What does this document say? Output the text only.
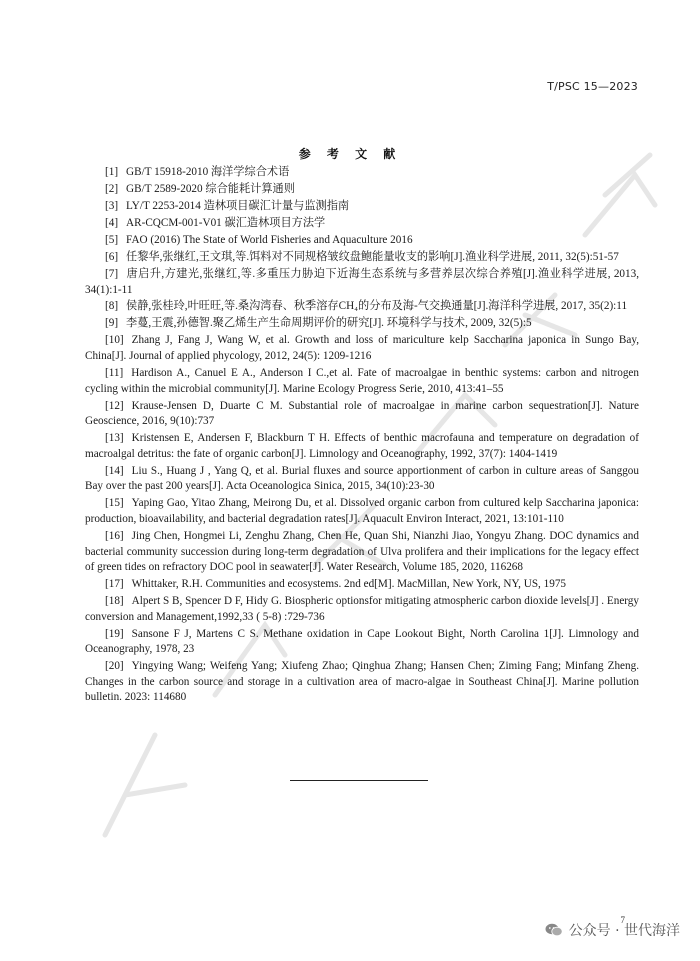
T/PSC 15—2023
参 考 文 献

[1] GB/T 15918-2010 海洋学综合术语

[2] GB/T 2589-2020 综合能耗计算通则

[3] LY/T 2253-2014 造林项目碳汇计量与监测指南

[4] AR-CQCM-001-V01 碳汇造林项目方法学

[5] FAO (2016) The State of World Fisheries and Aquaculture 2016

[6] 任黎华,张继红,王文琪,等.饵料对不同规格皱纹盘鲍能量收支的影响[J].渔业科学进展, 2011, 32(5):51-57

[7] 唐启升,方建光,张继红,等.多重压力胁迫下近海生态系统与多营养层次综合养殖[J].渔业科学进展, 2013, 34(1):1-11

[8] 侯静,张桂玲,叶旺旺,等.桑沟湾春、秋季溶存CH₄的分布及海-气交换通量[J].海洋科学进展, 2017, 35(2):11

[9] 李蔓,王震,孙德智.聚乙烯生产生命周期评价的研究[J]. 环境科学与技术, 2009, 32(5):5

[10] Zhang J, Fang J, Wang W, et al. Growth and loss of mariculture kelp Saccharina japonica in Sungo Bay, China[J]. Journal of applied phycology, 2012, 24(5): 1209-1216

[11] Hardison A., Canuel E A., Anderson I C.,et al. Fate of macroalgae in benthic systems: carbon and nitrogen cycling within the microbial community[J]. Marine Ecology Progress Serie, 2010, 413:41–55

[12] Krause-Jensen D, Duarte C M. Substantial role of macroalgae in marine carbon sequestration[J]. Nature Geoscience, 2016, 9(10):737

[13] Kristensen E, Andersen F, Blackburn T H. Effects of benthic macrofauna and temperature on degradation of macroalgal detritus: the fate of organic carbon[J]. Limnology and Oceanography, 1992, 37(7): 1404-1419

[14] Liu S., Huang J , Yang Q, et al. Burial fluxes and source apportionment of carbon in culture areas of Sanggou Bay over the past 200 years[J]. Acta Oceanologica Sinica, 2015, 34(10):23-30

[15] Yaping Gao, Yitao Zhang, Meirong Du, et al. Dissolved organic carbon from cultured kelp Saccharina japonica: production, bioavailability, and bacterial degradation rates[J]. Aquacult Environ Interact, 2021, 13:101-110

[16] Jing Chen, Hongmei Li, Zenghu Zhang, Chen He, Quan Shi, Nianzhi Jiao, Yongyu Zhang. DOC dynamics and bacterial community succession during long-term degradation of Ulva prolifera and their implications for the legacy effect of green tides on refractory DOC pool in seawater[J]. Water Research, Volume 185, 2020, 116268

[17] Whittaker, R.H. Communities and ecosystems. 2nd ed[M]. MacMillan, New York, NY, US, 1975

[18] Alpert S B, Spencer D F, Hidy G. Biospheric optionsfor mitigating atmospheric carbon dioxide levels[J] . Energy conversion and Management,1992,33 ( 5-8) :729-736

[19] Sansone F J, Martens C S. Methane oxidation in Cape Lookout Bight, North Carolina 1[J]. Limnology and Oceanography, 1978, 23

[20] Yingying Wang; Weifeng Yang; Xiufeng Zhao; Qinghua Zhang; Hansen Chen; Ziming Fang; Minfang Zheng. Changes in the carbon source and storage in a cultivation area of macro-algae in Southeast China[J]. Marine pollution bulletin. 2023: 114680

7
公众号 · 世代海洋
